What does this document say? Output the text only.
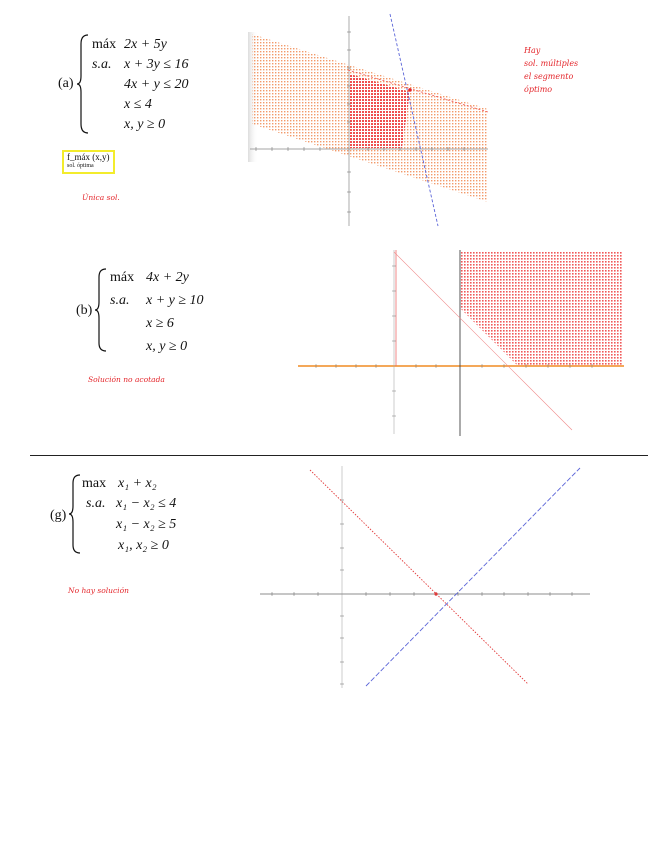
(a)
máx 2x + 5y
s.a. x + 3y ≤ 16
4x + y ≤ 20
x ≤ 4
x, y ≥ 0
f_máx (x,y)
sol. óptima
Única sol.
Hay
sol. múltiples
el segmento
óptimo
(b)
máx 4x + 2y
s.a. x + y ≥ 10
x ≥ 6
x, y ≥ 0
Solución no acotada
(g)
max x₁ + x₂
s.a. x₁ − x₂ ≤ 4
x₁ − x₂ ≥ 5
x₁, x₂ ≥ 0
No hay solución
